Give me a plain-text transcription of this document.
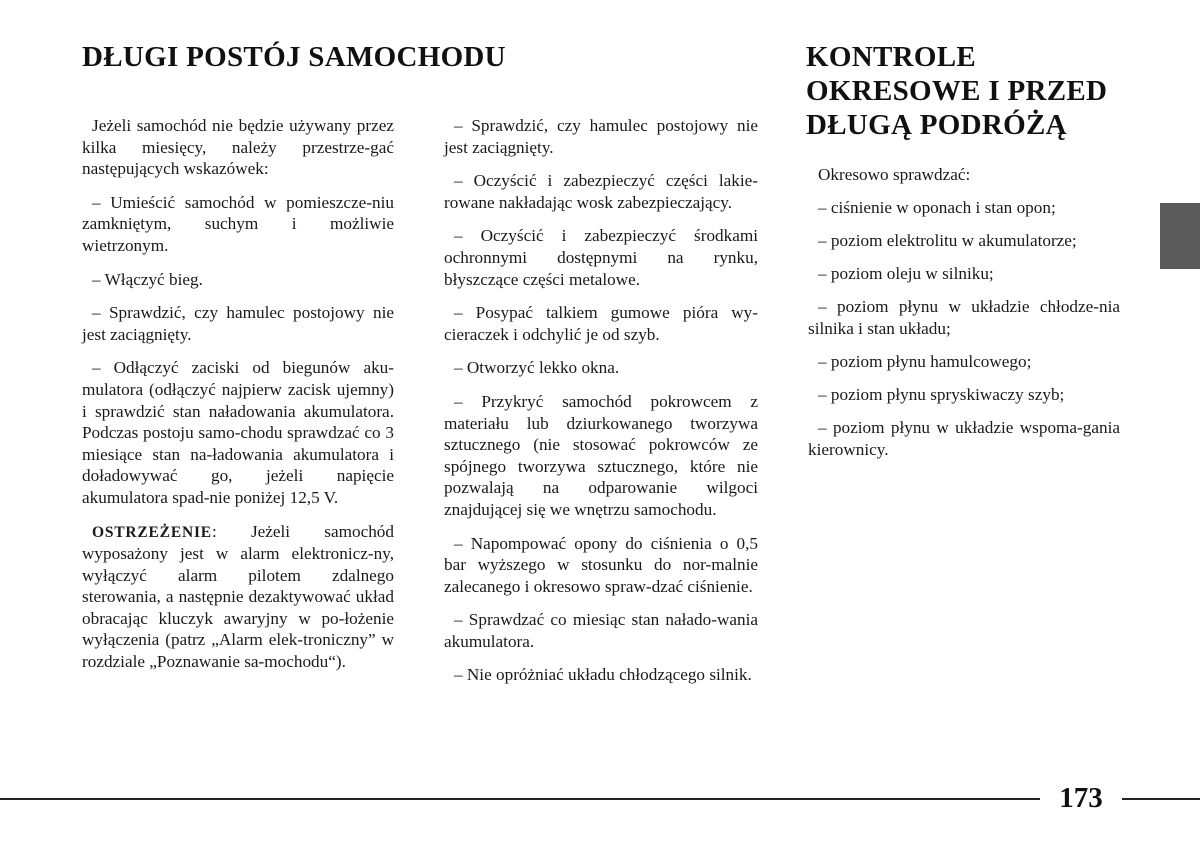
DŁUGI POSTÓJ SAMOCHODU	KONTROLE OKRESOWE I PRZED DŁUGĄ PODRÓŻĄ

Jeżeli samochód nie będzie używany przez kilka miesięcy, należy przestrze-gać następujących wskazówek:

– Umieścić samochód w pomieszcze-niu zamkniętym, suchym i możliwie wietrzonym.

– Włączyć bieg.

– Sprawdzić, czy hamulec postojowy nie jest zaciągnięty.

– Odłączyć zaciski od biegunów aku-mulatora (odłączyć najpierw zacisk ujemny) i sprawdzić stan naładowania akumulatora. Podczas postoju samo-chodu sprawdzać co 3 miesiące stan na-ładowania akumulatora i doładowywać go, jeżeli napięcie akumulatora spad-nie poniżej 12,5 V.

OSTRZEŻENIE: Jeżeli samochód wyposażony jest w alarm elektronicz-ny, wyłączyć alarm pilotem zdalnego sterowania, a następnie dezaktywować układ obracając kluczyk awaryjny w po-łożenie wyłączenia (patrz „Alarm elek-troniczny” w rozdziale „Poznawanie sa-mochodu“).

– Sprawdzić, czy hamulec postojowy nie jest zaciągnięty.

– Oczyścić i zabezpieczyć części lakie-rowane nakładając wosk zabezpieczający.

– Oczyścić i zabezpieczyć środkami ochronnymi dostępnymi na rynku, błyszczące części metalowe.

– Posypać talkiem gumowe pióra wy-cieraczek i odchylić je od szyb.

– Otworzyć lekko okna.

– Przykryć samochód pokrowcem z materiału lub dziurkowanego tworzywa sztucznego (nie stosować pokrowców ze spójnego tworzywa sztucznego, które nie pozwalają na odparowanie wilgoci znajdującej się we wnętrzu samochodu.

– Napompować opony do ciśnienia o 0,5 bar wyższego w stosunku do nor-malnie zalecanego i okresowo spraw-dzać ciśnienie.

– Sprawdzać co miesiąc stan nałado-wania akumulatora.

– Nie opróżniać układu chłodzącego silnik.

Okresowo sprawdzać:

– ciśnienie w oponach i stan opon;

– poziom elektrolitu w akumulatorze;

– poziom oleju w silniku;

– poziom płynu w układzie chłodze-nia silnika i stan układu;

– poziom płynu hamulcowego;

– poziom płynu spryskiwaczy szyb;

– poziom płynu w układzie wspoma-gania kierownicy.

173
